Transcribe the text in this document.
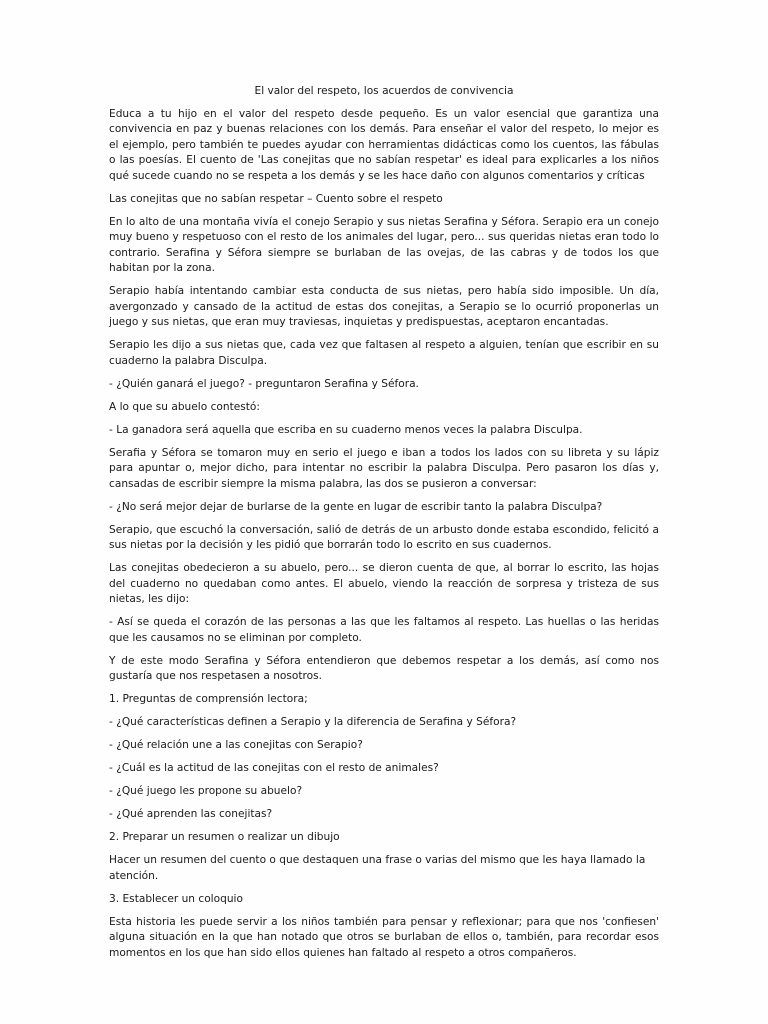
El valor del respeto, los acuerdos de convivencia

Educa a tu hijo en el valor del respeto desde pequeño. Es un valor esencial que garantiza una convivencia en paz y buenas relaciones con los demás. Para enseñar el valor del respeto, lo mejor es el ejemplo, pero también te puedes ayudar con herramientas didácticas como los cuentos, las fábulas o las poesías. El cuento de 'Las conejitas que no sabían respetar' es ideal para explicarles a los niños qué sucede cuando no se respeta a los demás y se les hace daño con algunos comentarios y críticas

Las conejitas que no sabían respetar – Cuento sobre el respeto

En lo alto de una montaña vivía el conejo Serapio y sus nietas Serafina y Séfora. Serapio era un conejo muy bueno y respetuoso con el resto de los animales del lugar, pero... sus queridas nietas eran todo lo contrario. Serafina y Séfora siempre se burlaban de las ovejas, de las cabras y de todos los que habitan por la zona.

Serapio había intentando cambiar esta conducta de sus nietas, pero había sido imposible. Un día, avergonzado y cansado de la actitud de estas dos conejitas, a Serapio se lo ocurrió proponerlas un juego y sus nietas, que eran muy traviesas, inquietas y predispuestas, aceptaron encantadas.

Serapio les dijo a sus nietas que, cada vez que faltasen al respeto a alguien, tenían que escribir en su cuaderno la palabra Disculpa.

- ¿Quién ganará el juego? - preguntaron Serafina y Séfora.

A lo que su abuelo contestó:

- La ganadora será aquella que escriba en su cuaderno menos veces la palabra Disculpa.

Serafia y Séfora se tomaron muy en serio el juego e iban a todos los lados con su libreta y su lápiz para apuntar o, mejor dicho, para intentar no escribir la palabra Disculpa. Pero pasaron los días y, cansadas de escribir siempre la misma palabra, las dos se pusieron a conversar:

- ¿No será mejor dejar de burlarse de la gente en lugar de escribir tanto la palabra Disculpa?

Serapio, que escuchó la conversación, salió de detrás de un arbusto donde estaba escondido, felicitó a sus nietas por la decisión y les pidió que borrarán todo lo escrito en sus cuadernos.

Las conejitas obedecieron a su abuelo, pero... se dieron cuenta de que, al borrar lo escrito, las hojas del cuaderno no quedaban como antes. El abuelo, viendo la reacción de sorpresa y tristeza de sus nietas, les dijo:

- Así se queda el corazón de las personas a las que les faltamos al respeto. Las huellas o las heridas que les causamos no se eliminan por completo.

Y de este modo Serafina y Séfora entendieron que debemos respetar a los demás, así como nos gustaría que nos respetasen a nosotros.

1. Preguntas de comprensión lectora;

- ¿Qué características definen a Serapio y la diferencia de Serafina y Séfora?

- ¿Qué relación une a las conejitas con Serapio?

- ¿Cuál es la actitud de las conejitas con el resto de animales?

- ¿Qué juego les propone su abuelo?

- ¿Qué aprenden las conejitas?

2. Preparar un resumen o realizar un dibujo

Hacer un resumen del cuento o que destaquen una frase o varias del mismo que les haya llamado la atención.

3. Establecer un coloquio

Esta historia les puede servir a los niños también para pensar y reflexionar; para que nos 'confiesen' alguna situación en la que han notado que otros se burlaban de ellos o, también, para recordar esos momentos en los que han sido ellos quienes han faltado al respeto a otros compañeros.
